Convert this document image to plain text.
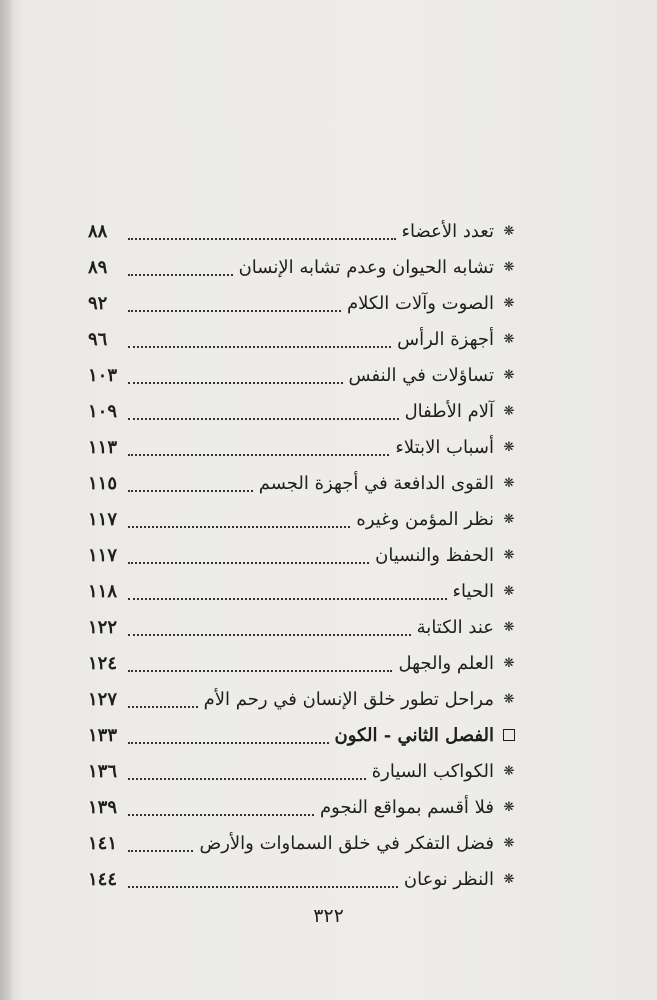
❋
تعدد الأعضاء
٨٨
❋
تشابه الحيوان وعدم تشابه الإنسان
٨٩
❋
الصوت وآلات الكلام
٩٢
❋
أجهزة الرأس
٩٦
❋
تساؤلات في النفس
١٠٣
❋
آلام الأطفال
١٠٩
❋
أسباب الابتلاء
١١٣
❋
القوى الدافعة في أجهزة الجسم
١١٥
❋
نظر المؤمن وغيره
١١٧
❋
الحفظ والنسيان
١١٧
❋
الحياء
١١٨
❋
عند الكتابة
١٢٢
❋
العلم والجهل
١٢٤
❋
مراحل تطور خلق الإنسان في رحم الأم
١٢٧
الفصل الثاني - الكون
١٣٣
❋
الكواكب السيارة
١٣٦
❋
فلا أقسم بمواقع النجوم
١٣٩
❋
فضل التفكر في خلق السماوات والأرض
١٤١
❋
النظر نوعان
١٤٤
٣٢٢
